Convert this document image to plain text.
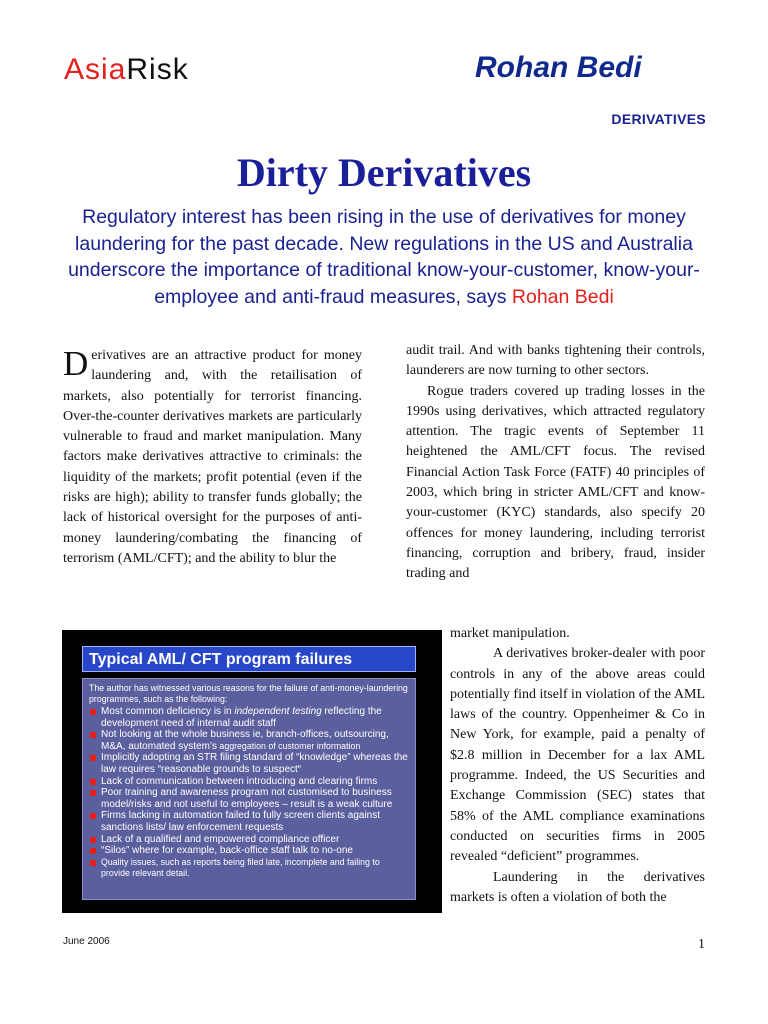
AsiaRisk	Rohan Bedi
DERIVATIVES
Dirty Derivatives
Regulatory interest has been rising in the use of derivatives for money laundering for the past decade. New regulations in the US and Australia underscore the importance of traditional know-your-customer, know-your-employee and anti-fraud measures, says Rohan Bedi
Derivatives are an attractive product for money laundering and, with the retailisation of markets, also potentially for terrorist financing. Over-the-counter derivatives markets are particularly vulnerable to fraud and market manipulation. Many factors make derivatives attractive to criminals: the liquidity of the markets; profit potential (even if the risks are high); ability to transfer funds globally; the lack of historical oversight for the purposes of anti-money laundering/combating the financing of terrorism (AML/CFT); and the ability to blur the

audit trail. And with banks tightening their controls, launderers are now turning to other sectors.

Rogue traders covered up trading losses in the 1990s using derivatives, which attracted regulatory attention. The tragic events of September 11 heightened the AML/CFT focus. The revised Financial Action Task Force (FATF) 40 principles of 2003, which bring in stricter AML/CFT and know-your-customer (KYC) standards, also specify 20 offences for money laundering, including terrorist financing, corruption and bribery, fraud, insider trading and

market manipulation.

A derivatives broker-dealer with poor controls in any of the above areas could potentially find itself in violation of the AML laws of the country. Oppenheimer & Co in New York, for example, paid a penalty of $2.8 million in December for a lax AML programme. Indeed, the US Securities and Exchange Commission (SEC) states that 58% of the AML compliance examinations conducted on securities firms in 2005 revealed “deficient” programmes.

Laundering in the derivatives markets is often a violation of both the

Typical AML/ CFT program failures
The author has witnessed various reasons for the failure of anti-money-laundering programmes, such as the following:
Most common deficiency is in independent testing reflecting the development need of internal audit staff
Not looking at the whole business ie, branch-offices, outsourcing, M&A, automated system’s aggregation of customer information
Implicitly adopting an STR filing standard of “knowledge” whereas the law requires “reasonable grounds to suspect“
Lack of communication between introducing and clearing firms
Poor training and awareness program not customised to business model/risks and not useful to employees – result is a weak culture
Firms lacking in automation failed to fully screen clients against sanctions lists/ law enforcement requests
Lack of a qualified and empowered compliance officer
“Silos” where for example, back-office staff talk to no-one
Quality issues, such as reports being filed late, incomplete and failing to provide relevant detail.
June 2006	1
